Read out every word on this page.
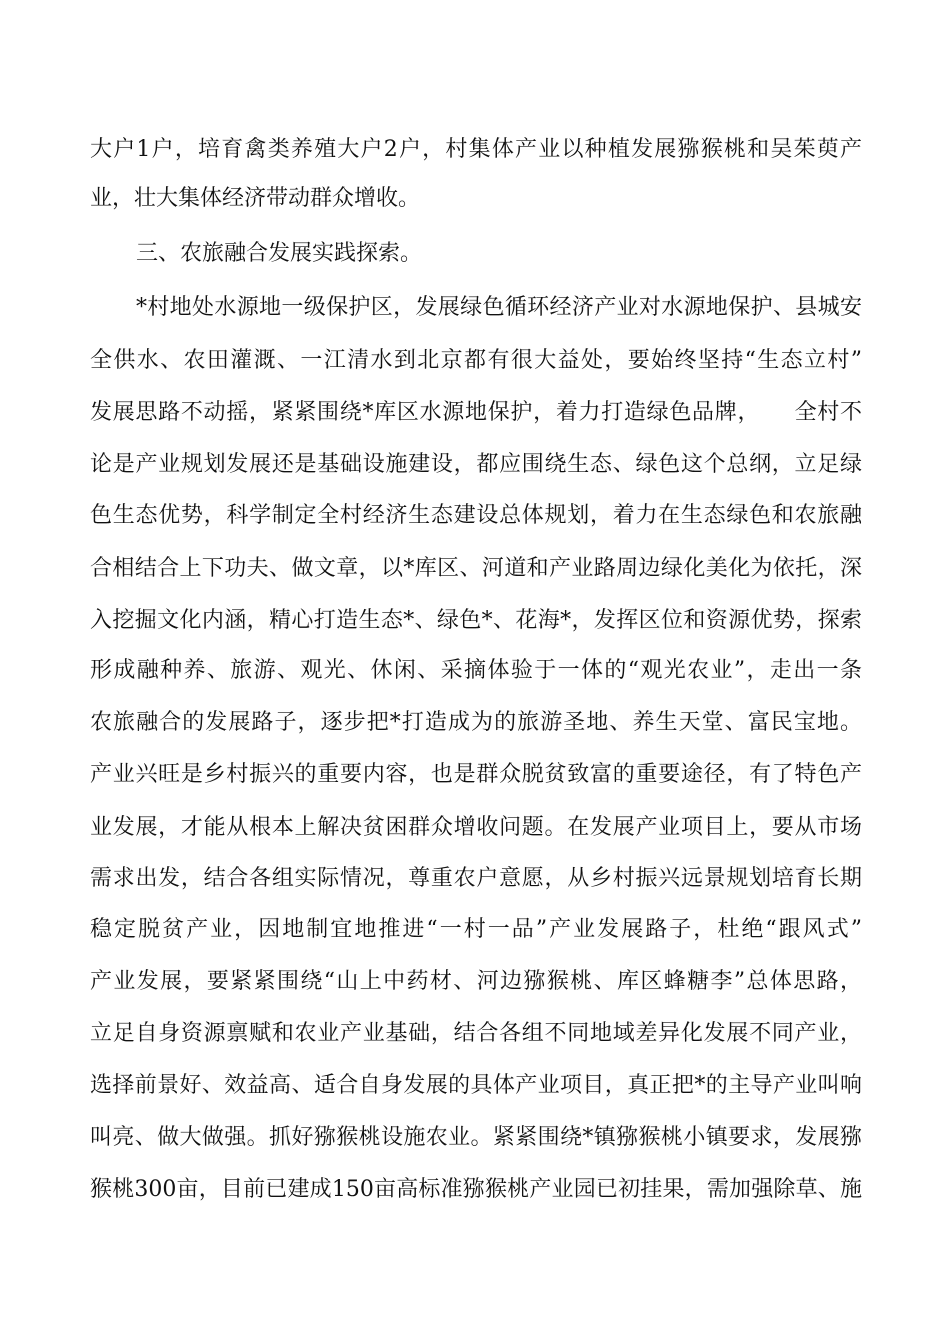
大户1户，培育禽类养殖大户2户，村集体产业以种植发展猕猴桃和吴茱萸产
业，壮大集体经济带动群众增收。
三、农旅融合发展实践探索。
*村地处水源地一级保护区，发展绿色循环经济产业对水源地保护、县城安
全供水、农田灌溉、一江清水到北京都有很大益处，要始终坚持“生态立村”
发展思路不动摇，紧紧围绕*库区水源地保护，着力打造绿色品牌，　　全村不
论是产业规划发展还是基础设施建设，都应围绕生态、绿色这个总纲，立足绿
色生态优势，科学制定全村经济生态建设总体规划，着力在生态绿色和农旅融
合相结合上下功夫、做文章，以*库区、河道和产业路周边绿化美化为依托，深
入挖掘文化内涵，精心打造生态*、绿色*、花海*，发挥区位和资源优势，探索
形成融种养、旅游、观光、休闲、采摘体验于一体的“观光农业”，走出一条
农旅融合的发展路子，逐步把*打造成为的旅游圣地、养生天堂、富民宝地。
产业兴旺是乡村振兴的重要内容，也是群众脱贫致富的重要途径，有了特色产
业发展，才能从根本上解决贫困群众增收问题。在发展产业项目上，要从市场
需求出发，结合各组实际情况，尊重农户意愿，从乡村振兴远景规划培育长期
稳定脱贫产业，因地制宜地推进“一村一品”产业发展路子，杜绝“跟风式”
产业发展，要紧紧围绕“山上中药材、河边猕猴桃、库区蜂糖李”总体思路，
立足自身资源禀赋和农业产业基础，结合各组不同地域差异化发展不同产业，
选择前景好、效益高、适合自身发展的具体产业项目，真正把*的主导产业叫响
叫亮、做大做强。抓好猕猴桃设施农业。紧紧围绕*镇猕猴桃小镇要求，发展猕
猴桃300亩，目前已建成150亩高标准猕猴桃产业园已初挂果，需加强除草、施
